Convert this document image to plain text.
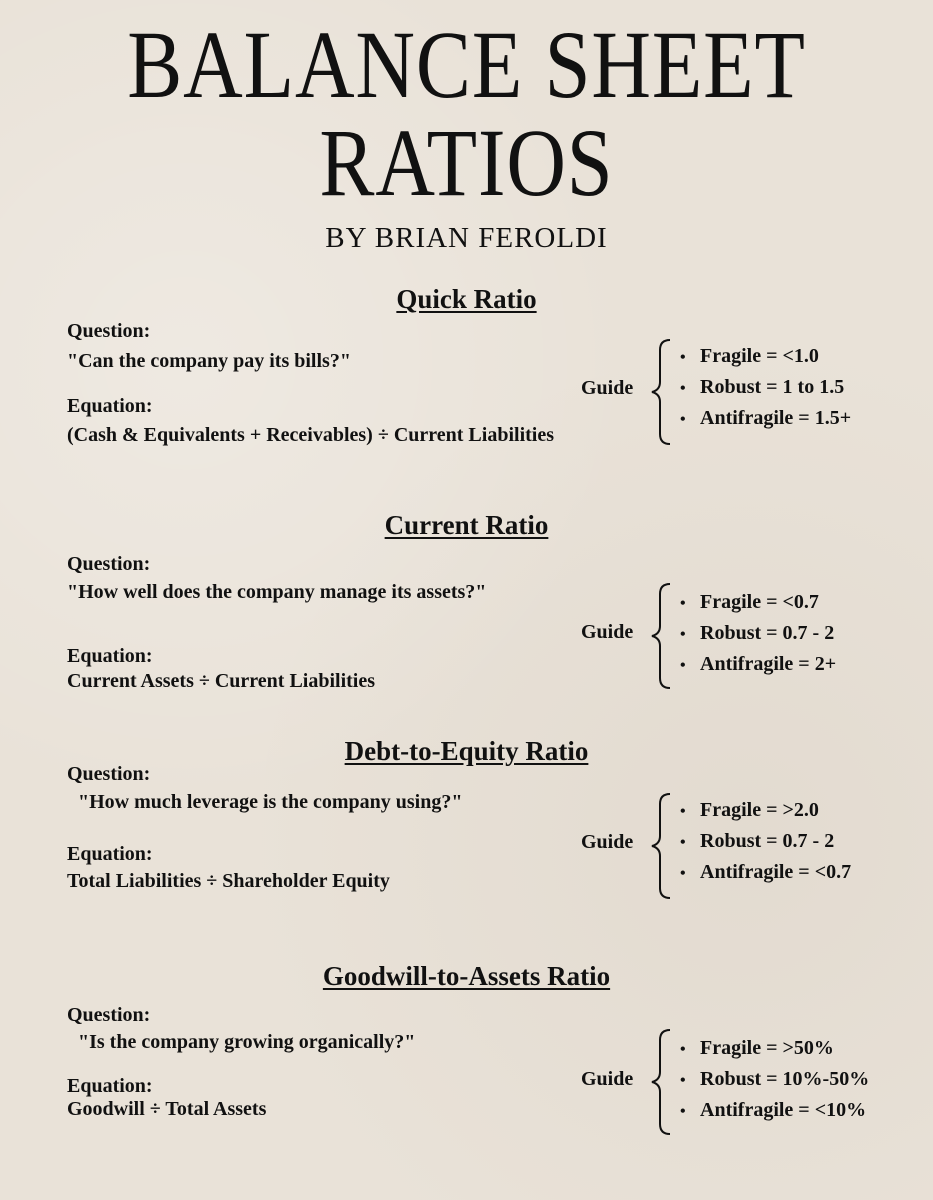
BALANCE SHEET
RATIOS
BY BRIAN FEROLDI
Quick Ratio
Question:
"Can the company pay its bills?"
Equation:
(Cash & Equivalents + Receivables) ÷ Current Liabilities
Guide
• Fragile = <1.0
• Robust = 1 to 1.5
• Antifragile = 1.5+
Current Ratio
Question:
"How well does the company manage its assets?"
Equation:
Current Assets ÷ Current Liabilities
Guide
• Fragile = <0.7
• Robust = 0.7 - 2
• Antifragile = 2+
Debt-to-Equity Ratio
Question:
"How much leverage is the company using?"
Equation:
Total Liabilities ÷ Shareholder Equity
Guide
• Fragile = >2.0
• Robust = 0.7 - 2
• Antifragile = <0.7
Goodwill-to-Assets Ratio
Question:
"Is the company growing organically?"
Equation:
Goodwill ÷ Total Assets
Guide
• Fragile = >50%
• Robust = 10%-50%
• Antifragile = <10%
